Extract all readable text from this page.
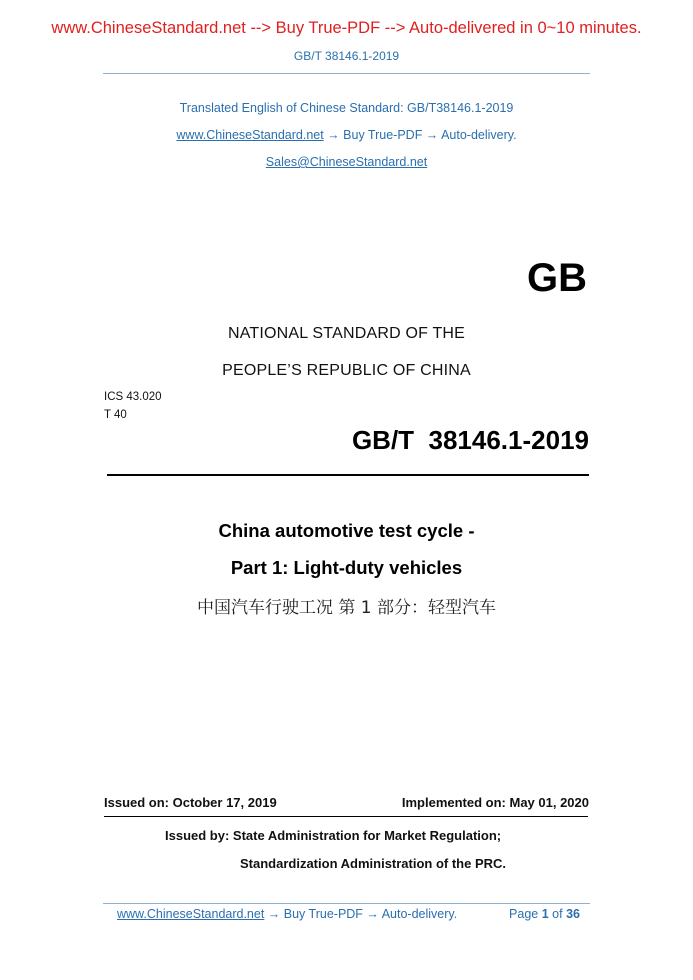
www.ChineseStandard.net --> Buy True-PDF --> Auto-delivered in 0~10 minutes.
GB/T 38146.1-2019
Translated English of Chinese Standard: GB/T38146.1-2019
www.ChineseStandard.net → Buy True-PDF → Auto-delivery.
Sales@ChineseStandard.net
GB
NATIONAL STANDARD OF THE
PEOPLE’S REPUBLIC OF CHINA
ICS 43.020
T 40
GB/T  38146.1-2019
China automotive test cycle -
Part 1: Light-duty vehicles
中国汽车行驶工况 第 1 部分：轻型汽车
Issued on: October 17, 2019	Implemented on: May 01, 2020
Issued by: State Administration for Market Regulation;
Standardization Administration of the PRC.
www.ChineseStandard.net → Buy True-PDF → Auto-delivery.	Page 1 of 36
